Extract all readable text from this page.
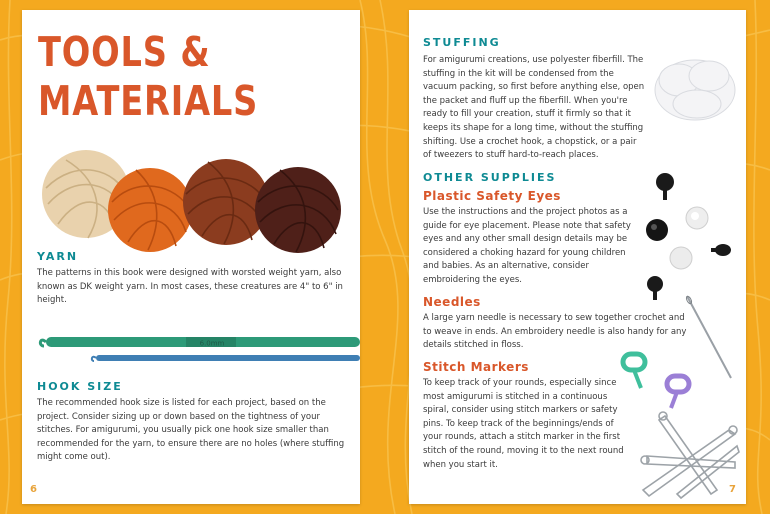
TOOLS & MATERIALS
YARN

The patterns in this book were designed with worsted weight yarn, also known as DK weight yarn. In most cases, these creatures are 4" to 6" in height.

6.0mm
HOOK SIZE

The recommended hook size is listed for each project, based on the project. Consider sizing up or down based on the tightness of your stitches. For amigurumi, you usually pick one hook size smaller than recommended for the yarn, to ensure there are no holes (where stuffing might come out).

6
STUFFING

For amigurumi creations, use polyester fiberfill. The stuffing in the kit will be condensed from the vacuum packing, so first before anything else, open the packet and fluff up the fiberfill. When you're ready to fill your creation, stuff it firmly so that it keeps its shape for a long time, without the stuffing shifting. Use a crochet hook, a chopstick, or a pair of tweezers to stuff hard-to-reach places.

OTHER SUPPLIES
Plastic Safety Eyes

Use the instructions and the project photos as a guide for eye placement. Please note that safety eyes and any other small design details may be considered a choking hazard for young children and babies. As an alternative, consider embroidering the eyes.

Needles

A large yarn needle is necessary to sew together crochet and to weave in ends. An embroidery needle is also handy for any details stitched in floss.

Stitch Markers

To keep track of your rounds, especially since most amigurumi is stitched in a continuous spiral, consider using stitch markers or safety pins. To keep track of the beginnings/ends of your rounds, attach a stitch marker in the first stitch of the round, moving it to the next round when you start it.

7
